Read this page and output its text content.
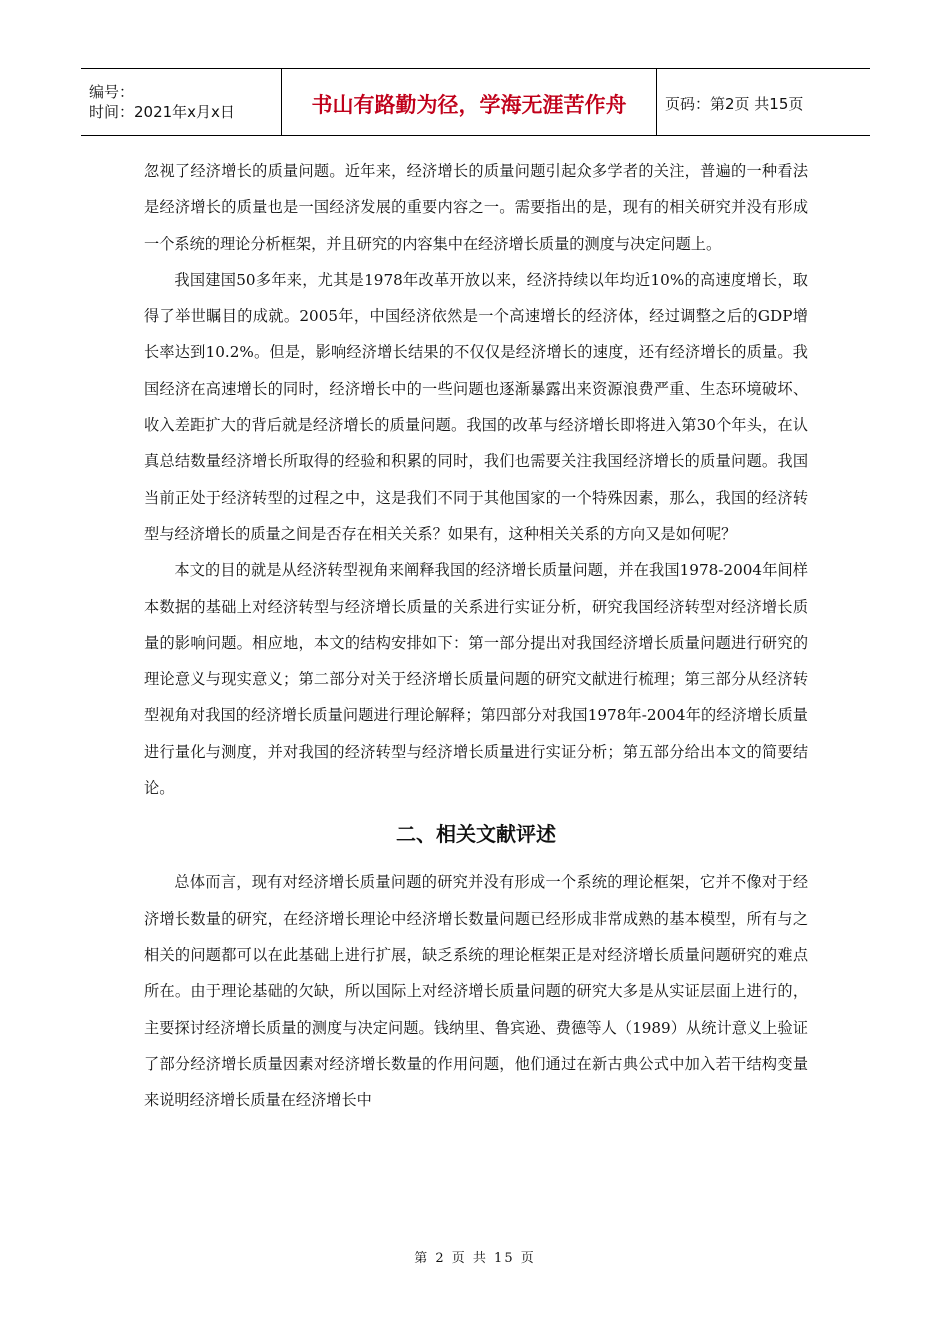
编号：
时间：2021年x月x日	书山有路勤为径，学海无涯苦作舟	页码：第2页 共15页

忽视了经济增长的质量问题。近年来，经济增长的质量问题引起众多学者的关注，普遍的一种看法是经济增长的质量也是一国经济发展的重要内容之一。需要指出的是，现有的相关研究并没有形成一个系统的理论分析框架，并且研究的内容集中在经济增长质量的测度与决定问题上。

我国建国50多年来，尤其是1978年改革开放以来，经济持续以年均近10%的高速度增长，取得了举世瞩目的成就。2005年，中国经济依然是一个高速增长的经济体，经过调整之后的GDP增长率达到10.2%。但是，影响经济增长结果的不仅仅是经济增长的速度，还有经济增长的质量。我国经济在高速增长的同时，经济增长中的一些问题也逐渐暴露出来资源浪费严重、生态环境破坏、收入差距扩大的背后就是经济增长的质量问题。我国的改革与经济增长即将进入第30个年头，在认真总结数量经济增长所取得的经验和积累的同时，我们也需要关注我国经济增长的质量问题。我国当前正处于经济转型的过程之中，这是我们不同于其他国家的一个特殊因素，那么，我国的经济转型与经济增长的质量之间是否存在相关关系？如果有，这种相关关系的方向又是如何呢？

本文的目的就是从经济转型视角来阐释我国的经济增长质量问题，并在我国1978-2004年间样本数据的基础上对经济转型与经济增长质量的关系进行实证分析，研究我国经济转型对经济增长质量的影响问题。相应地，本文的结构安排如下：第一部分提出对我国经济增长质量问题进行研究的理论意义与现实意义；第二部分对关于经济增长质量问题的研究文献进行梳理；第三部分从经济转型视角对我国的经济增长质量问题进行理论解释；第四部分对我国1978年-2004年的经济增长质量进行量化与测度，并对我国的经济转型与经济增长质量进行实证分析；第五部分给出本文的简要结论。

二、相关文献评述

总体而言，现有对经济增长质量问题的研究并没有形成一个系统的理论框架，它并不像对于经济增长数量的研究，在经济增长理论中经济增长数量问题已经形成非常成熟的基本模型，所有与之相关的问题都可以在此基础上进行扩展，缺乏系统的理论框架正是对经济增长质量问题研究的难点所在。由于理论基础的欠缺，所以国际上对经济增长质量问题的研究大多是从实证层面上进行的，主要探讨经济增长质量的测度与决定问题。钱纳里、鲁宾逊、费德等人（1989）从统计意义上验证了部分经济增长质量因素对经济增长数量的作用问题，他们通过在新古典公式中加入若干结构变量来说明经济增长质量在经济增长中

第 2 页 共 15 页
